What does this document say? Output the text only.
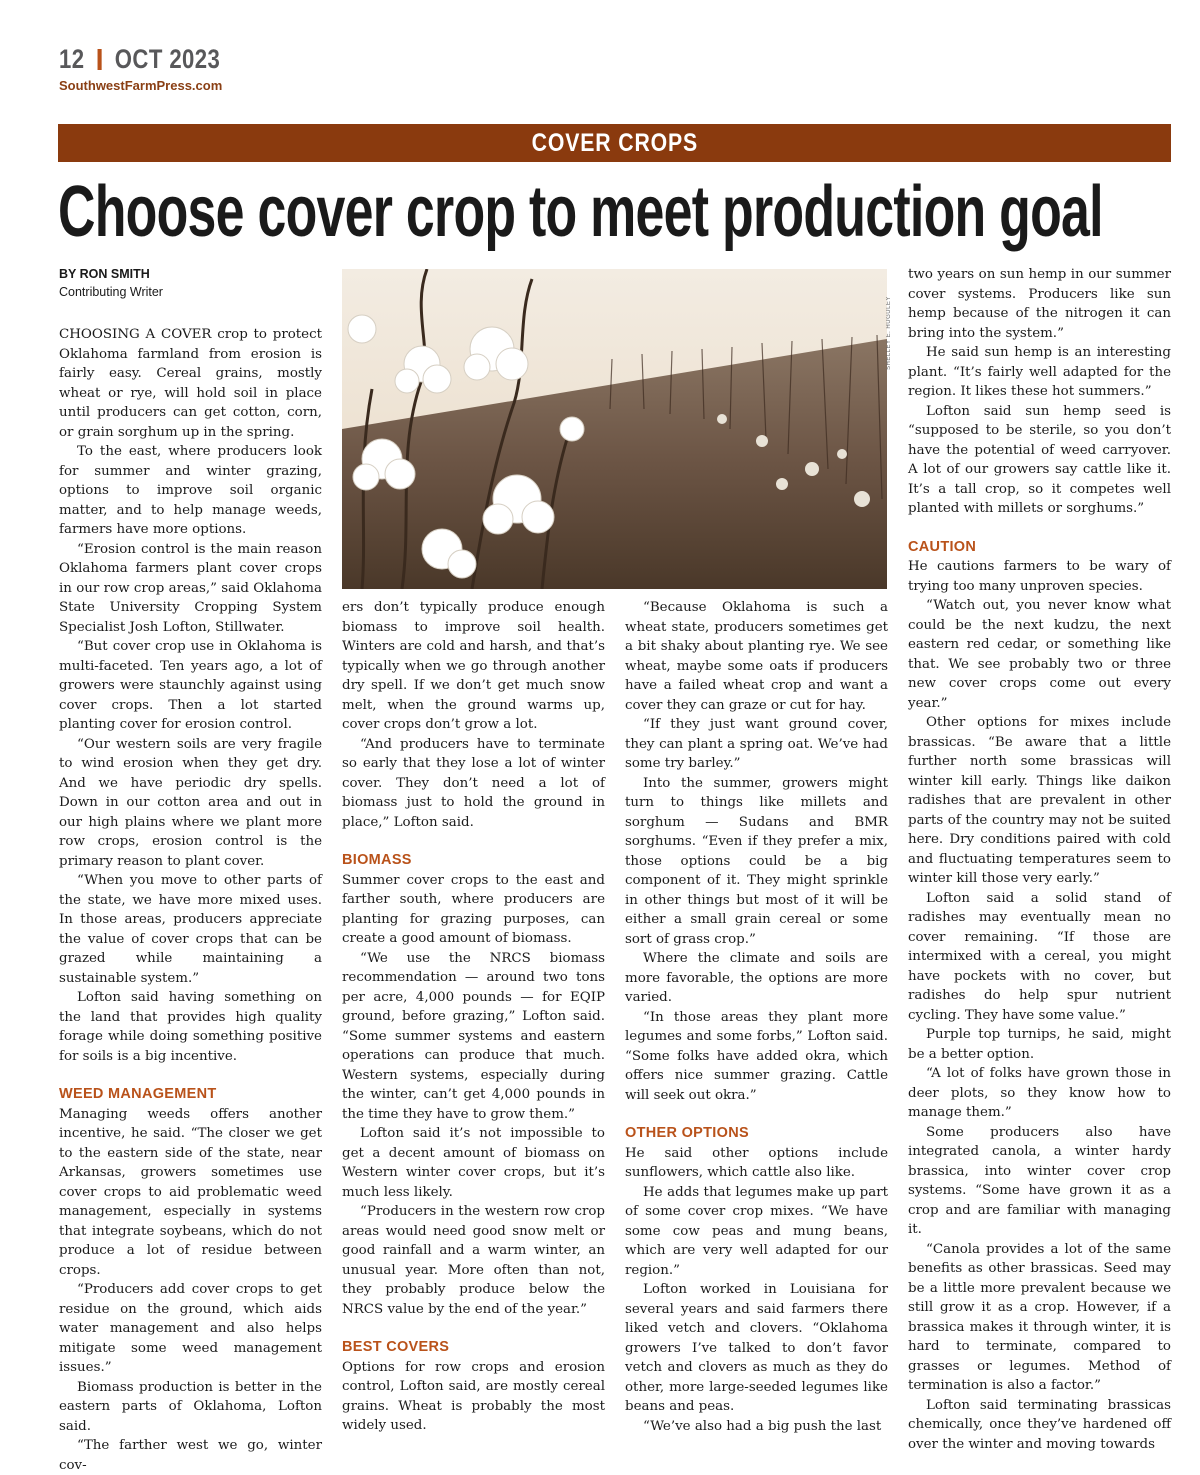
12 OCT 2023
SouthwestFarmPress.com
COVER CROPS
Choose cover crop to meet production goal
BY RON SMITH
Contributing Writer

CHOOSING A COVER crop to protect Oklahoma farmland from erosion is fairly easy. Cereal grains, mostly wheat or rye, will hold soil in place until producers can get cotton, corn, or grain sorghum up in the spring.

To the east, where producers look for summer and winter grazing, options to improve soil organic matter, and to help manage weeds, farmers have more options.

“Erosion control is the main reason Oklahoma farmers plant cover crops in our row crop areas,” said Oklahoma State University Cropping System Specialist Josh Lofton, Stillwater.

“But cover crop use in Oklahoma is multi-faceted. Ten years ago, a lot of growers were staunchly against using cover crops. Then a lot started planting cover for erosion control.

“Our western soils are very fragile to wind erosion when they get dry. And we have periodic dry spells. Down in our cotton area and out in our high plains where we plant more row crops, erosion control is the primary reason to plant cover.

“When you move to other parts of the state, we have more mixed uses. In those areas, producers appreciate the value of cover crops that can be grazed while maintaining a sustainable system.”

Lofton said having something on the land that provides high quality forage while doing something positive for soils is a big incentive.

WEED MANAGEMENT

Managing weeds offers another incentive, he said. “The closer we get to the eastern side of the state, near Arkansas, growers sometimes use cover crops to aid problematic weed management, especially in systems that integrate soybeans, which do not produce a lot of residue between crops.

“Producers add cover crops to get residue on the ground, which aids water management and also helps mitigate some weed management issues.”

Biomass production is better in the eastern parts of Oklahoma, Lofton said.

“The farther west we go, winter cov-

SHELLEY E. HUGULEY

ers don’t typically produce enough biomass to improve soil health. Winters are cold and harsh, and that’s typically when we go through another dry spell. If we don’t get much snow melt, when the ground warms up, cover crops don’t grow a lot.

“And producers have to terminate so early that they lose a lot of winter cover. They don’t need a lot of biomass just to hold the ground in place,” Lofton said.

BIOMASS

Summer cover crops to the east and farther south, where producers are planting for grazing purposes, can create a good amount of biomass.

“We use the NRCS biomass recommendation — around two tons per acre, 4,000 pounds — for EQIP ground, before grazing,” Lofton said. “Some summer systems and eastern operations can produce that much. Western systems, especially during the winter, can’t get 4,000 pounds in the time they have to grow them.”

Lofton said it’s not impossible to get a decent amount of biomass on Western winter cover crops, but it’s much less likely.

“Producers in the western row crop areas would need good snow melt or good rainfall and a warm winter, an unusual year. More often than not, they probably produce below the NRCS value by the end of the year.”

BEST COVERS

Options for row crops and erosion control, Lofton said, are mostly cereal grains. Wheat is probably the most widely used.

“Because Oklahoma is such a wheat state, producers sometimes get a bit shaky about planting rye. We see wheat, maybe some oats if producers have a failed wheat crop and want a cover they can graze or cut for hay.

“If they just want ground cover, they can plant a spring oat. We’ve had some try barley.”

Into the summer, growers might turn to things like millets and sorghum — Sudans and BMR sorghums. “Even if they prefer a mix, those options could be a big component of it. They might sprinkle in other things but most of it will be either a small grain cereal or some sort of grass crop.”

Where the climate and soils are more favorable, the options are more varied.

“In those areas they plant more legumes and some forbs,” Lofton said. “Some folks have added okra, which offers nice summer grazing. Cattle will seek out okra.”

OTHER OPTIONS

He said other options include sunflowers, which cattle also like.

He adds that legumes make up part of some cover crop mixes. “We have some cow peas and mung beans, which are very well adapted for our region.”

Lofton worked in Louisiana for several years and said farmers there liked vetch and clovers. “Oklahoma growers I’ve talked to don’t favor vetch and clovers as much as they do other, more large-seeded legumes like beans and peas.

“We’ve also had a big push the last

two years on sun hemp in our summer cover systems. Producers like sun hemp because of the nitrogen it can bring into the system.”

He said sun hemp is an interesting plant. “It’s fairly well adapted for the region. It likes these hot summers.”

Lofton said sun hemp seed is “supposed to be sterile, so you don’t have the potential of weed carryover. A lot of our growers say cattle like it. It’s a tall crop, so it competes well planted with millets or sorghums.”

CAUTION

He cautions farmers to be wary of trying too many unproven species.

“Watch out, you never know what could be the next kudzu, the next eastern red cedar, or something like that. We see probably two or three new cover crops come out every year.”

Other options for mixes include brassicas. “Be aware that a little further north some brassicas will winter kill early. Things like daikon radishes that are prevalent in other parts of the country may not be suited here. Dry conditions paired with cold and fluctuating temperatures seem to winter kill those very early.”

Lofton said a solid stand of radishes may eventually mean no cover remaining. “If those are intermixed with a cereal, you might have pockets with no cover, but radishes do help spur nutrient cycling. They have some value.”

Purple top turnips, he said, might be a better option.

“A lot of folks have grown those in deer plots, so they know how to manage them.”

Some producers also have integrated canola, a winter hardy brassica, into winter cover crop systems. “Some have grown it as a crop and are familiar with managing it.

“Canola provides a lot of the same benefits as other brassicas. Seed may be a little more prevalent because we still grow it as a crop. However, if a brassica makes it through winter, it is hard to terminate, compared to grasses or legumes. Method of termination is also a factor.”

Lofton said terminating brassicas chemically, once they’ve hardened off over the winter and moving towards
